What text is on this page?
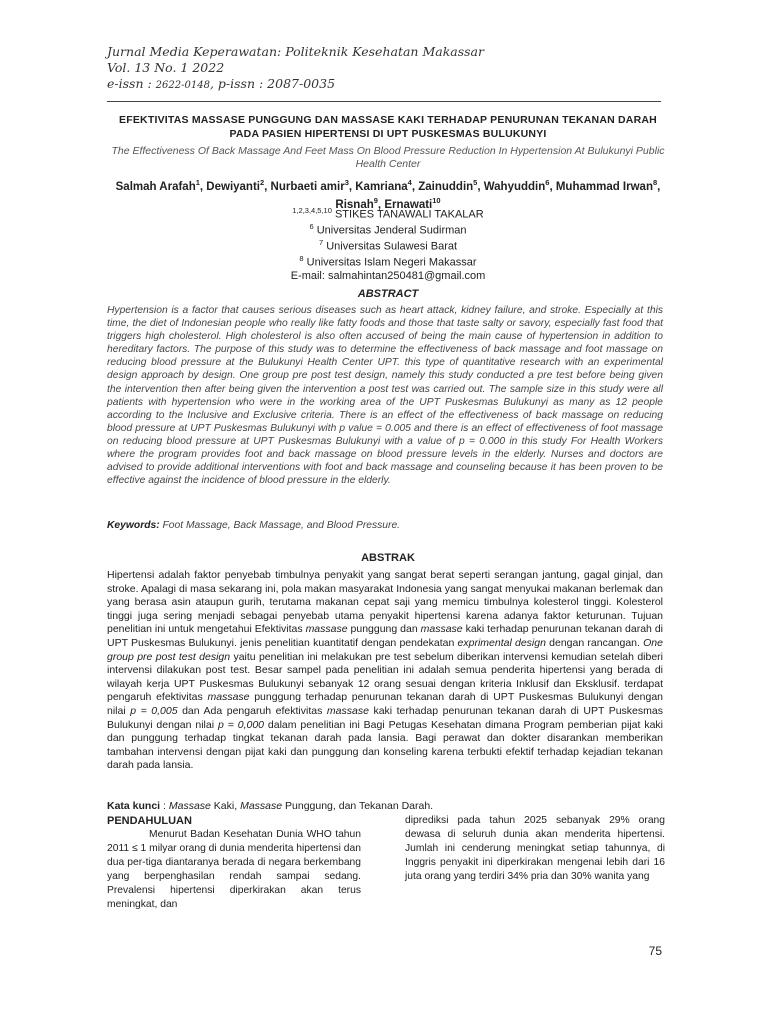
Jurnal Media Keperawatan: Politeknik Kesehatan Makassar
Vol. 13 No. 1 2022
e-issn : 2622-0148, p-issn : 2087-0035
EFEKTIVITAS MASSASE PUNGGUNG DAN MASSASE KAKI TERHADAP PENURUNAN TEKANAN DARAH PADA PASIEN HIPERTENSI DI UPT PUSKESMAS BULUKUNYI
The Effectiveness Of Back Massage And Feet Mass On Blood Pressure Reduction In Hypertension At Bulukunyi Public Health Center
Salmah Arafah$^1$, Dewiyanti$^2$, Nurbaeti amir$^3$, Kamriana$^4$, Zainuddin$^5$, Wahyuddin$^6$, Muhammad Irwan$^8$, Risnah$^9$, Ernawati$^{10}$
$^{1,2,3,4,5,10}$ STIKES TANAWALI TAKALAR
$^6$ Universitas Jenderal Sudirman
$^7$ Universitas Sulawesi Barat
$^8$ Universitas Islam Negeri Makassar
E-mail: salmahintan250481@gmail.com
ABSTRACT
Hypertension is a factor that causes serious diseases such as heart attack, kidney failure, and stroke. Especially at this time, the diet of Indonesian people who really like fatty foods and those that taste salty or savory, especially fast food that triggers high cholesterol. High cholesterol is also often accused of being the main cause of hypertension in addition to hereditary factors. The purpose of this study was to determine the effectiveness of back massage and foot massage on reducing blood pressure at the Bulukunyi Health Center UPT. this type of quantitative research with an experimental design approach by design. One group pre post test design, namely this study conducted a pre test before being given the intervention then after being given the intervention a post test was carried out. The sample size in this study were all patients with hypertension who were in the working area of the UPT Puskesmas Bulukunyi as many as 12 people according to the Inclusive and Exclusive criteria. There is an effect of the effectiveness of back massage on reducing blood pressure at UPT Puskesmas Bulukunyi with p value = 0.005 and there is an effect of effectiveness of foot massage on reducing blood pressure at UPT Puskesmas Bulukunyi with a value of p = 0.000 in this study For Health Workers where the program provides foot and back massage on blood pressure levels in the elderly. Nurses and doctors are advised to provide additional interventions with foot and back massage and counseling because it has been proven to be effective against the incidence of blood pressure in the elderly.
Keywords: Foot Massage, Back Massage, and Blood Pressure.
ABSTRAK
Hipertensi adalah faktor penyebab timbulnya penyakit yang sangat berat seperti serangan jantung, gagal ginjal, dan stroke. Apalagi di masa sekarang ini, pola makan masyarakat Indonesia yang sangat menyukai makanan berlemak dan yang berasa asin ataupun gurih, terutama makanan cepat saji yang memicu timbulnya kolesterol tinggi. Kolesterol tinggi juga sering menjadi sebagai penyebab utama penyakit hipertensi karena adanya faktor keturunan. Tujuan penelitian ini untuk mengetahui Efektivitas massase punggung dan massase kaki terhadap penurunan tekanan darah di UPT Puskesmas Bulukunyi. jenis penelitian kuantitatif dengan pendekatan exprimental design dengan rancangan. One group pre post test design yaitu penelitian ini melakukan pre test sebelum diberikan intervensi kemudian setelah diberi intervensi dilakukan post test. Besar sampel pada penelitian ini adalah semua penderita hipertensi yang berada di wilayah kerja UPT Puskesmas Bulukunyi sebanyak 12 orang sesuai dengan kriteria Inklusif dan Eksklusif. terdapat pengaruh efektivitas massase punggung terhadap penurunan tekanan darah di UPT Puskesmas Bulukunyi dengan nilai p = 0,005 dan Ada pengaruh efektivitas massase kaki terhadap penurunan tekanan darah di UPT Puskesmas Bulukunyi dengan nilai p = 0,000 dalam penelitian ini Bagi Petugas Kesehatan dimana Program pemberian pijat kaki dan punggung terhadap tingkat tekanan darah pada lansia. Bagi perawat dan dokter disarankan memberikan tambahan intervensi dengan pijat kaki dan punggung dan konseling karena terbukti efektif terhadap kejadian tekanan darah pada lansia.
Kata kunci : Massase Kaki, Massase Punggung, dan Tekanan Darah.
PENDAHULUAN

Menurut Badan Kesehatan Dunia WHO tahun 2011 ≤ 1 milyar orang di dunia menderita hipertensi dan dua per-tiga diantaranya berada di negara berkembang yang berpenghasilan rendah sampai sedang. Prevalensi hipertensi diperkirakan akan terus meningkat, dan

diprediksi pada tahun 2025 sebanyak 29% orang dewasa di seluruh dunia akan menderita hipertensi. Jumlah ini cenderung meningkat setiap tahunnya, di Inggris penyakit ini diperkirakan mengenai lebih dari 16 juta orang yang terdiri 34% pria dan 30% wanita yang

75
